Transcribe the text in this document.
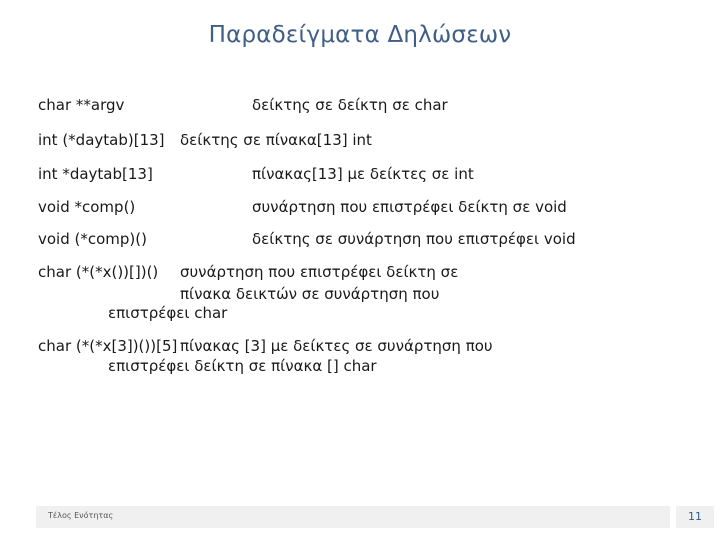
Παραδείγματα Δηλώσεων
char **argv	δείκτης σε δείκτη σε char
int (*daytab)[13] δείκτης σε πίνακα[13] int
int *daytab[13]	πίνακας[13] με δείκτες σε int
void *comp()	συνάρτηση που επιστρέφει δείκτη σε void
void (*comp)()	δείκτης σε συνάρτηση που επιστρέφει void
char (*(*x())[])() συνάρτηση που επιστρέφει δείκτη σε
πίνακα δεικτών σε συνάρτηση που
επιστρέφει char
char (*(*x[3])())[5] πίνακας [3] με δείκτες σε συνάρτηση που
επιστρέφει δείκτη σε πίνακα [] char
Τέλος Ενότητας	11
